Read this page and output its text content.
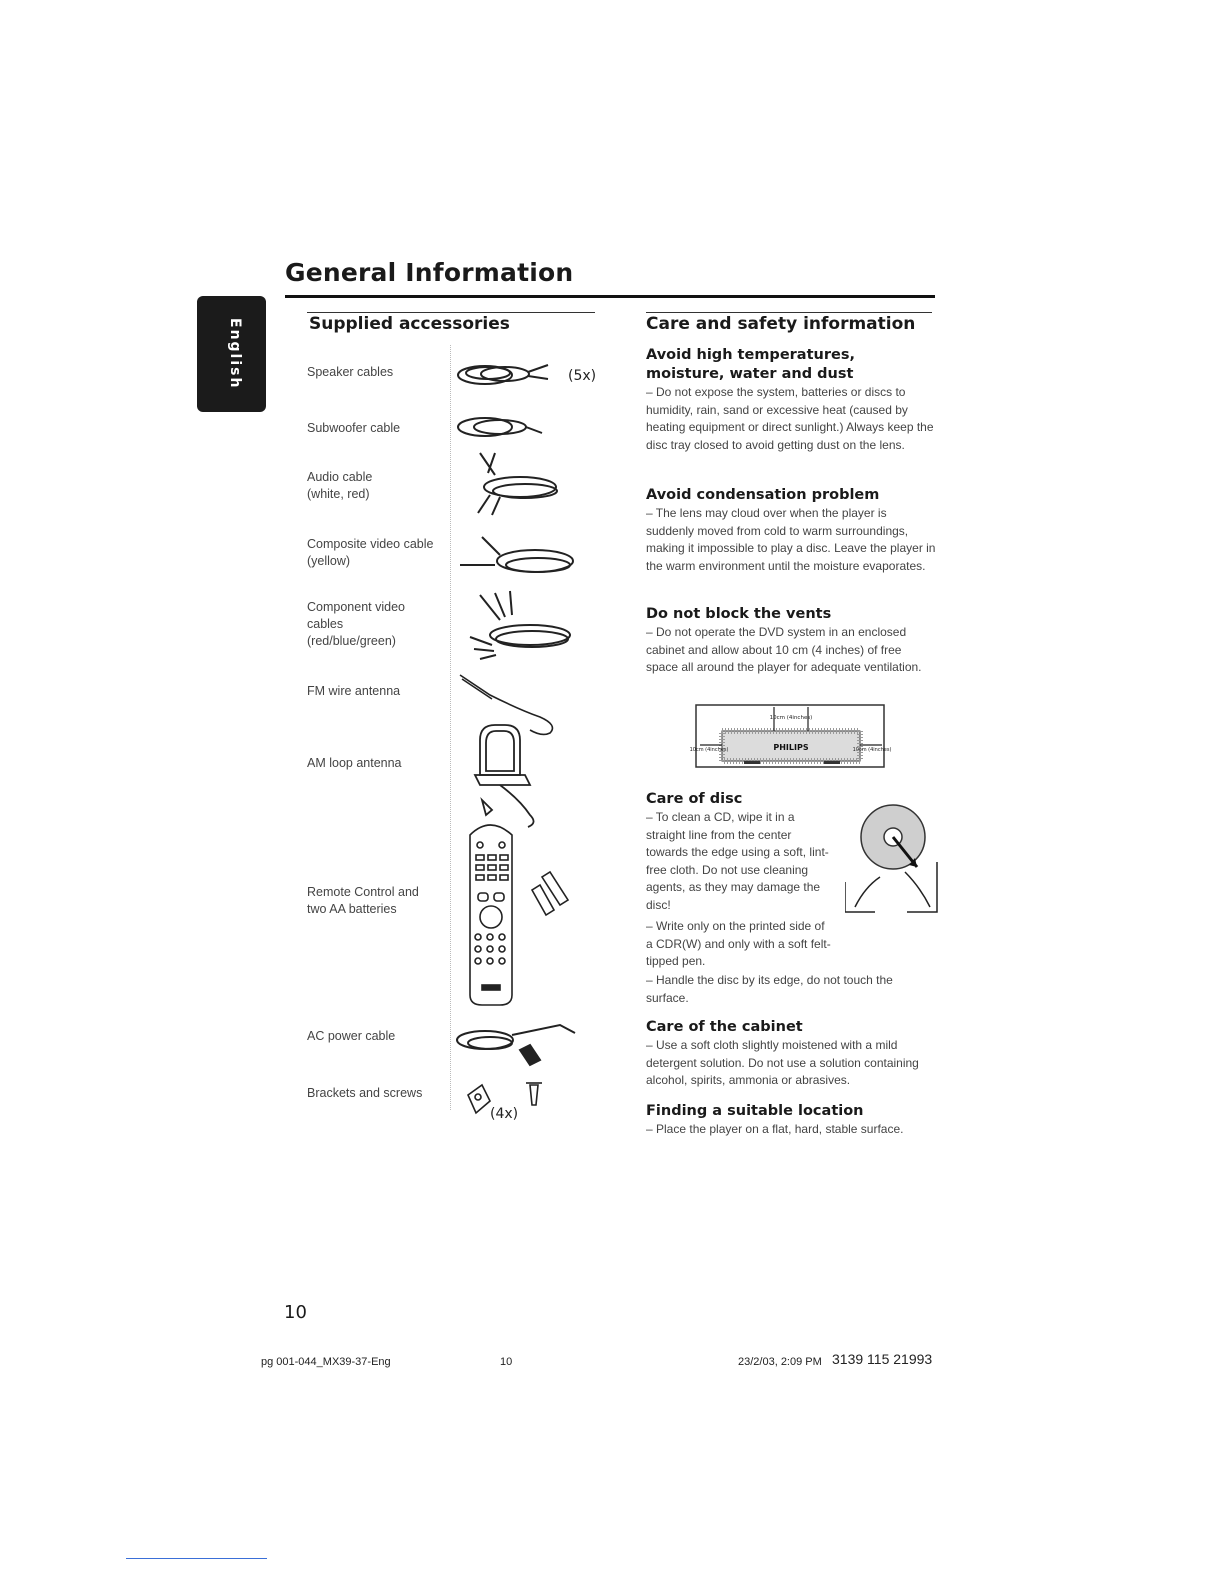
English
General Information
Supplied accessories
Speaker cables
Subwoofer cable
Audio cable
(white, red)
Composite video cable
(yellow)
Component video
cables
(red/blue/green)
FM wire antenna
AM loop antenna
Remote Control and
two AA batteries
AC power cable
Brackets and screws
(5x)
(4x)
Care and safety information
Avoid high temperatures, moisture, water and dust
– Do not expose the system, batteries or discs to humidity, rain, sand or excessive heat (caused by heating equipment or direct sunlight.) Always keep the disc tray closed to avoid getting dust on the lens.
Avoid condensation problem
– The lens may cloud over when the player is suddenly moved from cold to warm surroundings, making it impossible to play a disc. Leave the player in the warm environment until the moisture evaporates.
Do not block the vents
– Do not operate the DVD system in an enclosed cabinet and allow about 10 cm (4 inches) of free space all around the player for adequate ventilation.
10cm (4inches)
10cm (4inches)	10cm (4inches)
PHILIPS
Care of disc
– To clean a CD, wipe it in a straight line from the center towards the edge using a soft, lint-free cloth. Do not use cleaning agents, as they may damage the disc!
– Write only on the printed side of a CDR(W) and only with a soft felt-tipped pen.
– Handle the disc by its edge, do not touch the surface.
Care of the cabinet
– Use a soft cloth slightly moistened with a mild detergent solution. Do not use a solution containing alcohol, spirits, ammonia or abrasives.
Finding a suitable location
– Place the player on a flat, hard, stable surface.
10
pg 001-044_MX39-37-Eng	10	23/2/03, 2:09 PM 3139 115 21993
